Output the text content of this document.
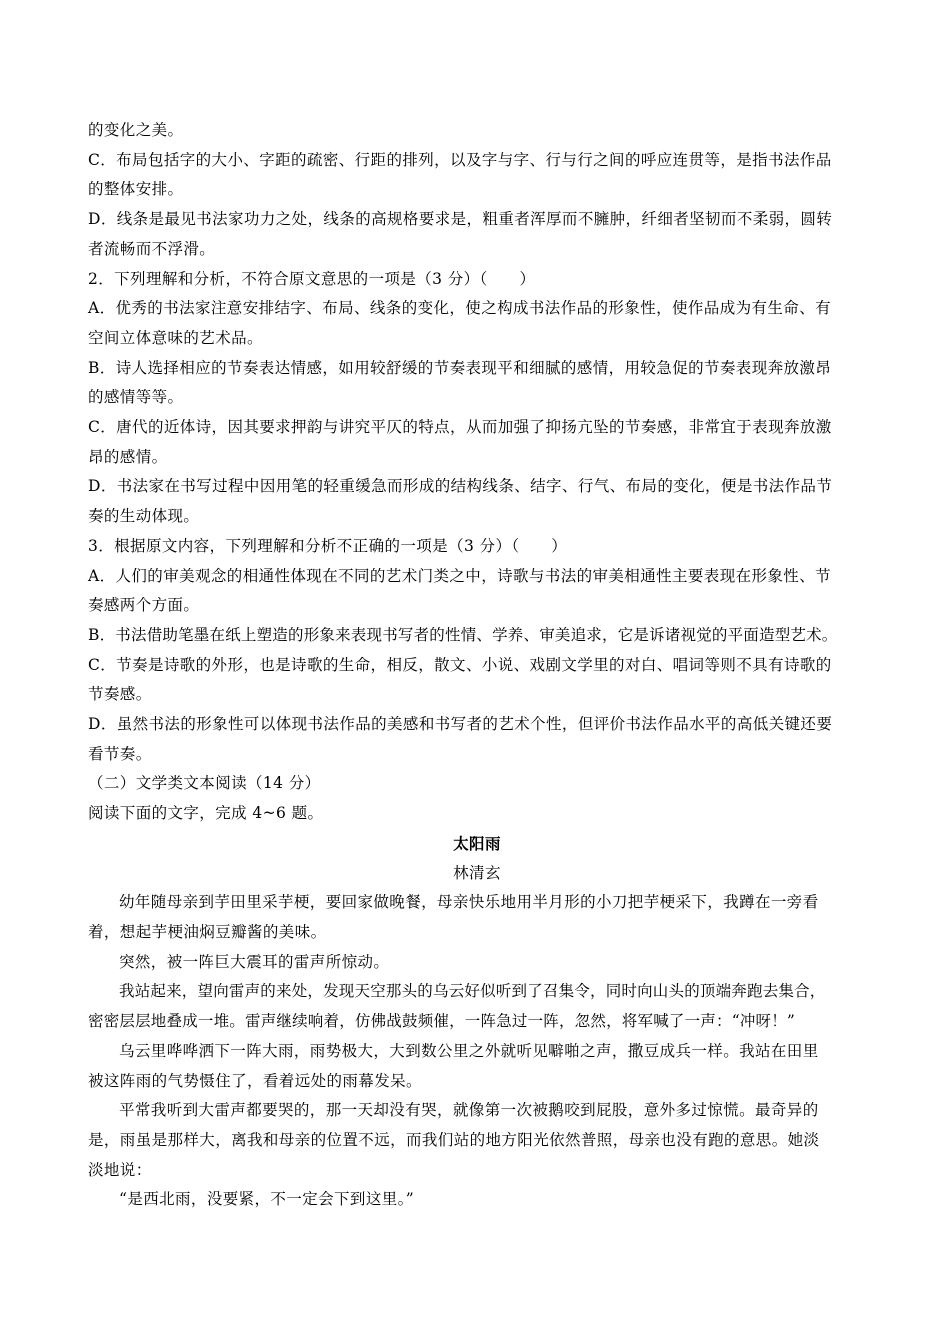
的变化之美。
C．布局包括字的大小、字距的疏密、行距的排列，以及字与字、行与行之间的呼应连贯等，是指书法作品
的整体安排。
D．线条是最见书法家功力之处，线条的高规格要求是，粗重者浑厚而不臃肿，纤细者坚韧而不柔弱，圆转
者流畅而不浮滑。
2．下列理解和分析，不符合原文意思的一项是（3 分）（　　）
A．优秀的书法家注意安排结字、布局、线条的变化，使之构成书法作品的形象性，使作品成为有生命、有
空间立体意味的艺术品。
B．诗人选择相应的节奏表达情感，如用较舒缓的节奏表现平和细腻的感情，用较急促的节奏表现奔放激昂
的感情等等。
C．唐代的近体诗，因其要求押韵与讲究平仄的特点，从而加强了抑扬亢坠的节奏感，非常宜于表现奔放激
昂的感情。
D．书法家在书写过程中因用笔的轻重缓急而形成的结构线条、结字、行气、布局的变化，便是书法作品节
奏的生动体现。
3．根据原文内容，下列理解和分析不正确的一项是（3 分）（　　）
A．人们的审美观念的相通性体现在不同的艺术门类之中，诗歌与书法的审美相通性主要表现在形象性、节
奏感两个方面。
B．书法借助笔墨在纸上塑造的形象来表现书写者的性情、学养、审美追求，它是诉诸视觉的平面造型艺术。
C．节奏是诗歌的外形，也是诗歌的生命，相反，散文、小说、戏剧文学里的对白、唱词等则不具有诗歌的
节奏感。
D．虽然书法的形象性可以体现书法作品的美感和书写者的艺术个性，但评价书法作品水平的高低关键还要
看节奏。
（二）文学类文本阅读（14 分）
阅读下面的文字，完成 4~6 题。
太阳雨
林清玄
幼年随母亲到芋田里采芋梗，要回家做晚餐，母亲快乐地用半月形的小刀把芋梗采下，我蹲在一旁看
着，想起芋梗油焖豆瓣酱的美味。
突然，被一阵巨大震耳的雷声所惊动。
我站起来，望向雷声的来处，发现天空那头的乌云好似听到了召集令，同时向山头的顶端奔跑去集合，
密密层层地叠成一堆。雷声继续响着，仿佛战鼓频催，一阵急过一阵，忽然，将军喊了一声：“冲呀！”
乌云里哗哗洒下一阵大雨，雨势极大，大到数公里之外就听见噼啪之声，撒豆成兵一样。我站在田里
被这阵雨的气势慑住了，看着远处的雨幕发呆。
平常我听到大雷声都要哭的，那一天却没有哭，就像第一次被鹅咬到屁股，意外多过惊慌。最奇异的
是，雨虽是那样大，离我和母亲的位置不远，而我们站的地方阳光依然普照，母亲也没有跑的意思。她淡
淡地说：
“是西北雨，没要紧，不一定会下到这里。”
